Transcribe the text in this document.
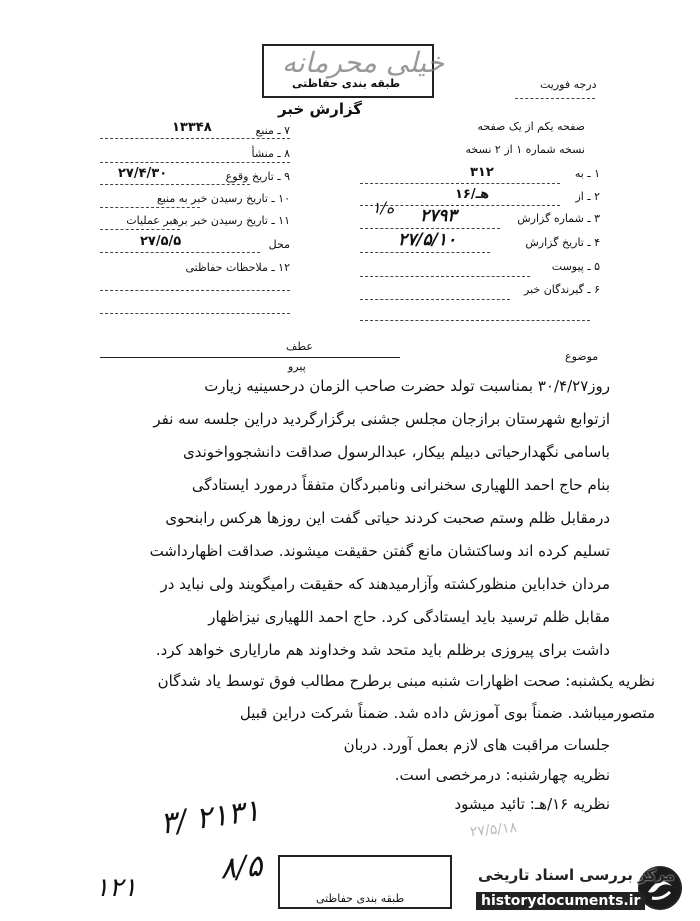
خیلی محرمانه
طبقه بندی حفاظتی
گزارش خبر
درجه فوریت
صفحه یکم از یک صفحه
نسخه شماره ۱ از ۲ نسخه
۱ ـ به
۳۱۲
۲ ـ از
۱۶/هـ
۳ ـ شماره گزارش
۲۷۹۳
۱/ه
۴ ـ تاریخ گزارش
۲۷/۵/۱۰
۵ ـ پیوست
۶ ـ گیرندگان خبر
۷ ـ منبع
۱۳۳۴۸
۸ ـ منشأ
۹ ـ تاریخ وقوع
۲۷/۴/۳۰
۱۰ ـ تاریخ رسیدن خبر به منبع
۱۱ ـ تاریخ رسیدن خبر برهبر عملیات
محل
۲۷/۵/۵
۱۲ ـ ملاحظات حفاظتی
عطف
پیرو
موضوع
روز۳۰/۴/۲۷ بمناسبت تولد حضرت صاحب الزمان درحسینیه زیارت
ازتوابع شهرستان برازجان مجلس جشنی برگزارگردید دراین جلسه سه نفر
باسامی نگهدارحیاتی دبیلم بیکار، عبدالرسول صداقت دانشجوواخوندی
بنام حاج احمد اللهیاری سخنرانی ونامبردگان متفقاً درمورد ایستادگی
درمقابل ظلم وستم صحبت کردند حیاتی گفت این روزها هرکس رابنحوی
تسلیم کرده اند وساکتشان مانع گفتن حقیقت میشوند. صداقت اظهارداشت
مردان خداباین منظورکشته وآزارمیدهند که حقیقت رامیگویند ولی نباید در
مقابل ظلم ترسید باید ایستادگی کرد. حاج احمد اللهیاری نیزاظهار
داشت برای پیروزی برظلم باید متحد شد وخداوند هم مارایاری خواهد کرد.
نظریه یکشنبه: صحت اظهارات شنبه مبنی برطرح مطالب فوق توسط یاد شدگان
متصورمیباشد. ضمناً بوی آموزش داده شد. ضمناً شرکت دراین قبیل
جلسات مراقبت های لازم بعمل آورد. دربان
نظریه چهارشنبه: درمرخصی است.
نظریه ۱۶/هـ: تائید میشود
۲۷/۵/۱۸
۳/ ۲۱۳۱
۸/۵
۱۲۱	طبقه بندی حفاظتی
مرکز بررسی اسناد تاریخی
historydocuments.ir
